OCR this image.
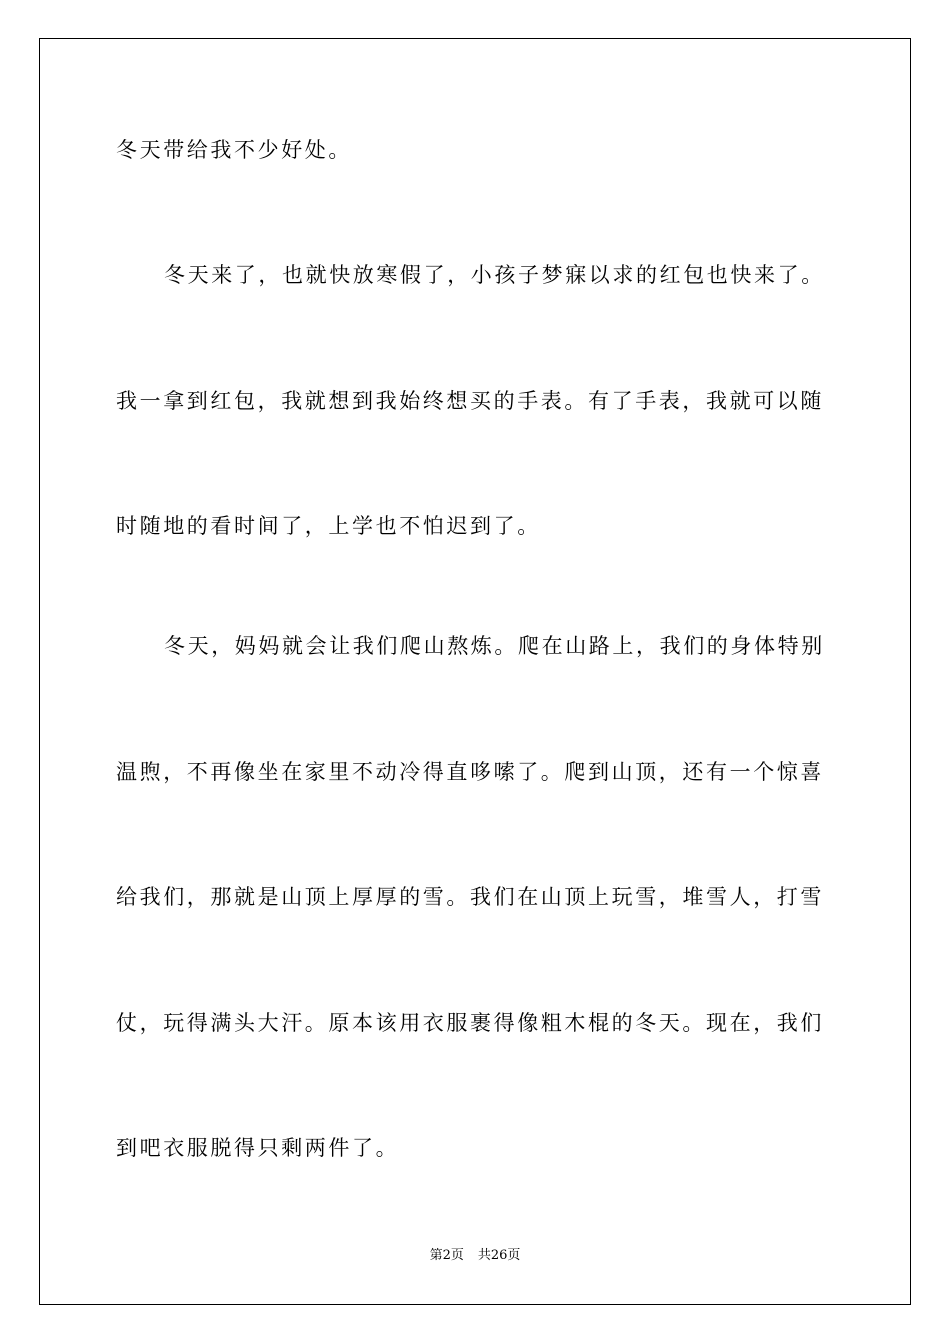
冬天带给我不少好处。
冬天来了，也就快放寒假了，小孩子梦寐以求的红包也快来了。
我一拿到红包，我就想到我始终想买的手表。有了手表，我就可以随
时随地的看时间了，上学也不怕迟到了。
冬天，妈妈就会让我们爬山熬炼。爬在山路上，我们的身体特别
温煦，不再像坐在家里不动冷得直哆嗦了。爬到山顶，还有一个惊喜
给我们，那就是山顶上厚厚的雪。我们在山顶上玩雪，堆雪人，打雪
仗，玩得满头大汗。原本该用衣服裹得像粗木棍的冬天。现在，我们
到吧衣服脱得只剩两件了。
第2页 共26页
